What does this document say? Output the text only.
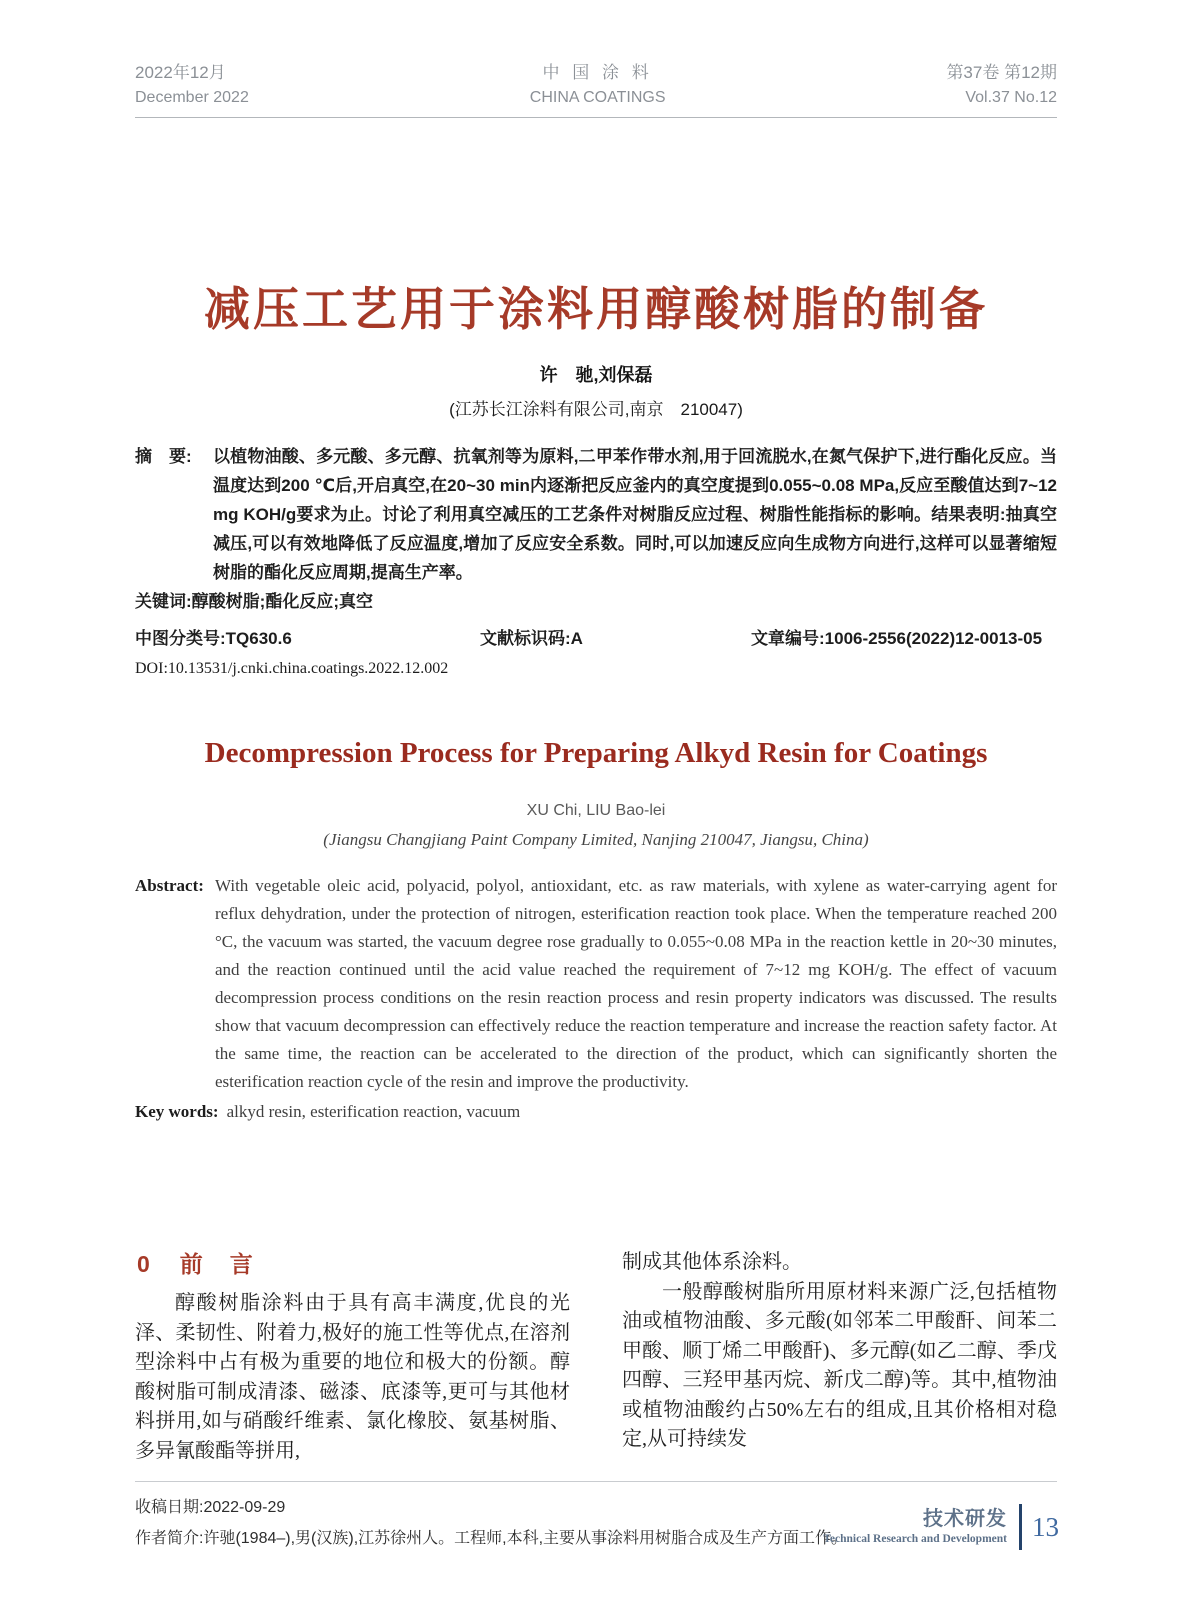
2022年12月
December 2022
中 国 涂 料
CHINA COATINGS
第37卷 第12期
Vol.37 No.12
减压工艺用于涂料用醇酸树脂的制备
许　驰,刘保磊
(江苏长江涂料有限公司,南京　210047)
摘　要:	以植物油酸、多元酸、多元醇、抗氧剂等为原料,二甲苯作带水剂,用于回流脱水,在氮气保护下,进行酯化反应。当温度达到200 ℃后,开启真空,在20~30 min内逐渐把反应釜内的真空度提到0.055~0.08 MPa,反应至酸值达到7~12 mg KOH/g要求为止。讨论了利用真空减压的工艺条件对树脂反应过程、树脂性能指标的影响。结果表明:抽真空减压,可以有效地降低了反应温度,增加了反应安全系数。同时,可以加速反应向生成物方向进行,这样可以显著缩短树脂的酯化反应周期,提高生产率。
关键词: 醇酸树脂;酯化反应;真空
中图分类号:TQ630.6	文献标识码:A	文章编号:1006-2556(2022)12-0013-05
DOI:10.13531/j.cnki.china.coatings.2022.12.002
Decompression Process for Preparing Alkyd Resin for Coatings
XU Chi, LIU Bao-lei
(Jiangsu Changjiang Paint Company Limited, Nanjing 210047, Jiangsu, China)
Abstract: With vegetable oleic acid, polyacid, polyol, antioxidant, etc. as raw materials, with xylene as water-carrying agent for reflux dehydration, under the protection of nitrogen, esterification reaction took place. When the temperature reached 200 °C, the vacuum was started, the vacuum degree rose gradually to 0.055~0.08 MPa in the reaction kettle in 20~30 minutes, and the reaction continued until the acid value reached the requirement of 7~12 mg KOH/g. The effect of vacuum decompression process conditions on the resin reaction process and resin property indicators was discussed. The results show that vacuum decompression can effectively reduce the reaction temperature and increase the reaction safety factor. At the same time, the reaction can be accelerated to the direction of the product, which can significantly shorten the esterification reaction cycle of the resin and improve the productivity.
Key words: alkyd resin, esterification reaction, vacuum
0 前　言

醇酸树脂涂料由于具有高丰满度,优良的光泽、柔韧性、附着力,极好的施工性等优点,在溶剂型涂料中占有极为重要的地位和极大的份额。醇酸树脂可制成清漆、磁漆、底漆等,更可与其他材料拼用,如与硝酸纤维素、氯化橡胶、氨基树脂、多异氰酸酯等拼用,

制成其他体系涂料。

一般醇酸树脂所用原材料来源广泛,包括植物油或植物油酸、多元酸(如邻苯二甲酸酐、间苯二甲酸、顺丁烯二甲酸酐)、多元醇(如乙二醇、季戊四醇、三羟甲基丙烷、新戊二醇)等。其中,植物油或植物油酸约占50%左右的组成,且其价格相对稳定,从可持续发

收稿日期:2022-09-29
作者简介:许驰(1984–),男(汉族),江苏徐州人。工程师,本科,主要从事涂料用树脂合成及生产方面工作。
技术研发
Technical Research and Development 13
